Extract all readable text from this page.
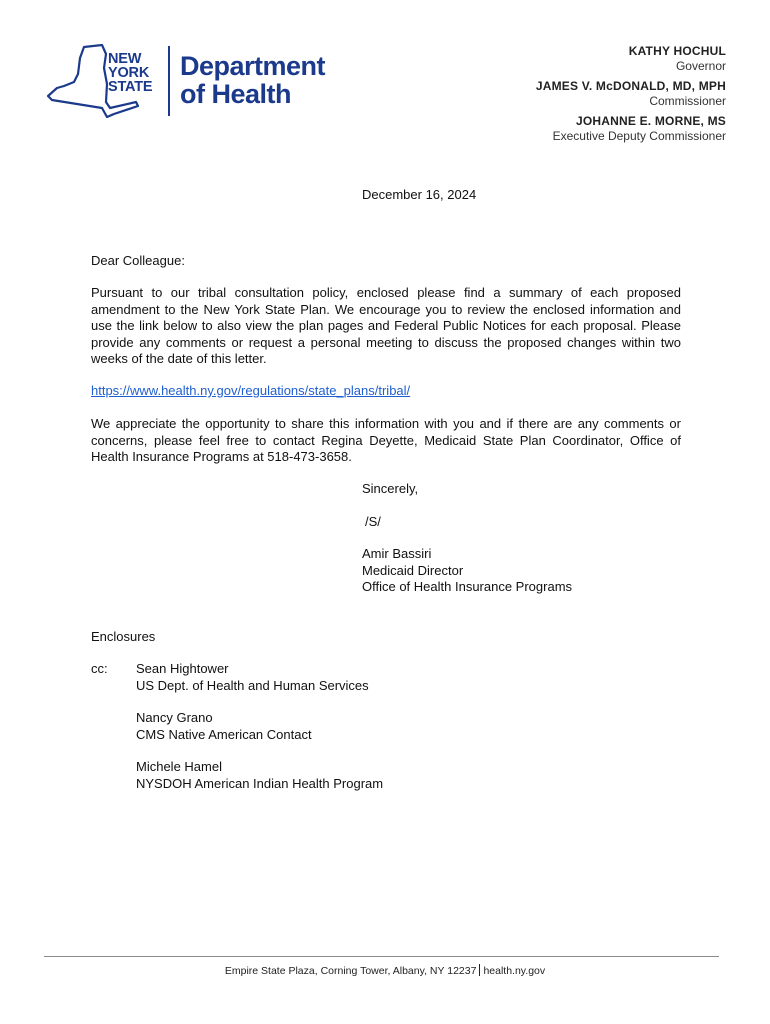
NEW
YORK
STATE
Department
of Health
KATHY HOCHUL
Governor
JAMES V. McDONALD, MD, MPH
Commissioner
JOHANNE E. MORNE, MS
Executive Deputy Commissioner
December 16, 2024
Dear Colleague:
Pursuant to our tribal consultation policy, enclosed please find a summary of each proposed amendment to the New York State Plan. We encourage you to review the enclosed information and use the link below to also view the plan pages and Federal Public Notices for each proposal. Please provide any comments or request a personal meeting to discuss the proposed changes within two weeks of the date of this letter.
https://www.health.ny.gov/regulations/state_plans/tribal/
We appreciate the opportunity to share this information with you and if there are any comments or concerns, please feel free to contact Regina Deyette, Medicaid State Plan Coordinator, Office of Health Insurance Programs at 518-473-3658.
Sincerely,
/S/
Amir Bassiri
Medicaid Director
Office of Health Insurance Programs
Enclosures
cc: Sean Hightower
US Dept. of Health and Human Services
Nancy Grano
CMS Native American Contact
Michele Hamel
NYSDOH American Indian Health Program
Empire State Plaza, Corning Tower, Albany, NY 12237 health.ny.gov
